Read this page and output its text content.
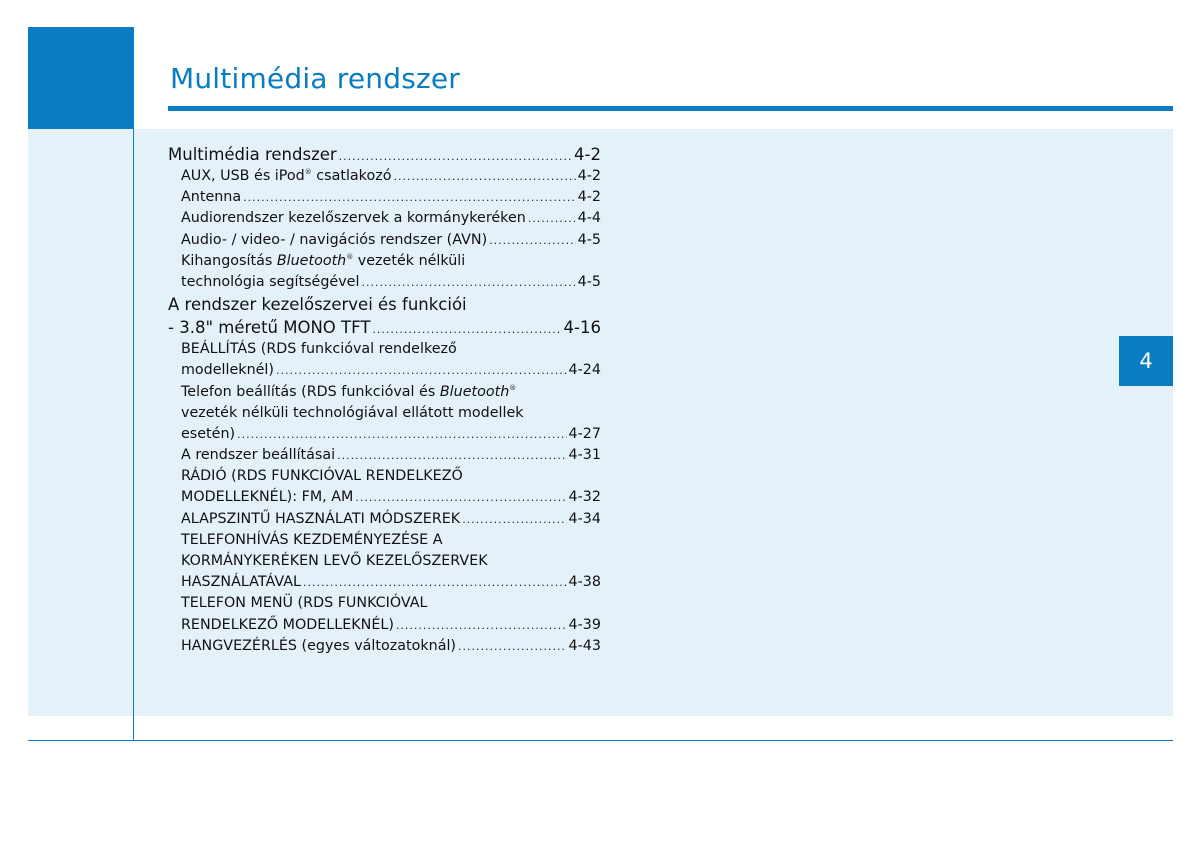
Multimédia rendszer
4
Multimédia rendszer .....	4-2
AUX, USB és iPod® csatlakozó .....	4-2
Antenna .....	4-2
Audiorendszer kezelőszervek a kormánykeréken .....	4-4
Audio- / video- / navigációs rendszer (AVN) .....	4-5
Kihangosítás Bluetooth® vezeték nélküli
technológia segítségével .....	4-5
A rendszer kezelőszervei és funkciói
- 3.8" méretű MONO TFT .....	4-16
BEÁLLÍTÁS (RDS funkcióval rendelkező
modelleknél) .....	4-24
Telefon beállítás (RDS funkcióval és Bluetooth®
vezeték nélküli technológiával ellátott modellek
esetén) .....	4-27
A rendszer beállításai .....	4-31
RÁDIÓ (RDS FUNKCIÓVAL RENDELKEZŐ
MODELLEKNÉL): FM, AM .....	4-32
ALAPSZINTŰ HASZNÁLATI MÓDSZEREK .....	4-34
TELEFONHÍVÁS KEZDEMÉNYEZÉSE A
KORMÁNYKERÉKEN LEVŐ KEZELŐSZERVEK
HASZNÁLATÁVAL .....	4-38
TELEFON MENÜ (RDS FUNKCIÓVAL
RENDELKEZŐ MODELLEKNÉL) .....	4-39
HANGVEZÉRLÉS (egyes változatoknál) .....	4-43
